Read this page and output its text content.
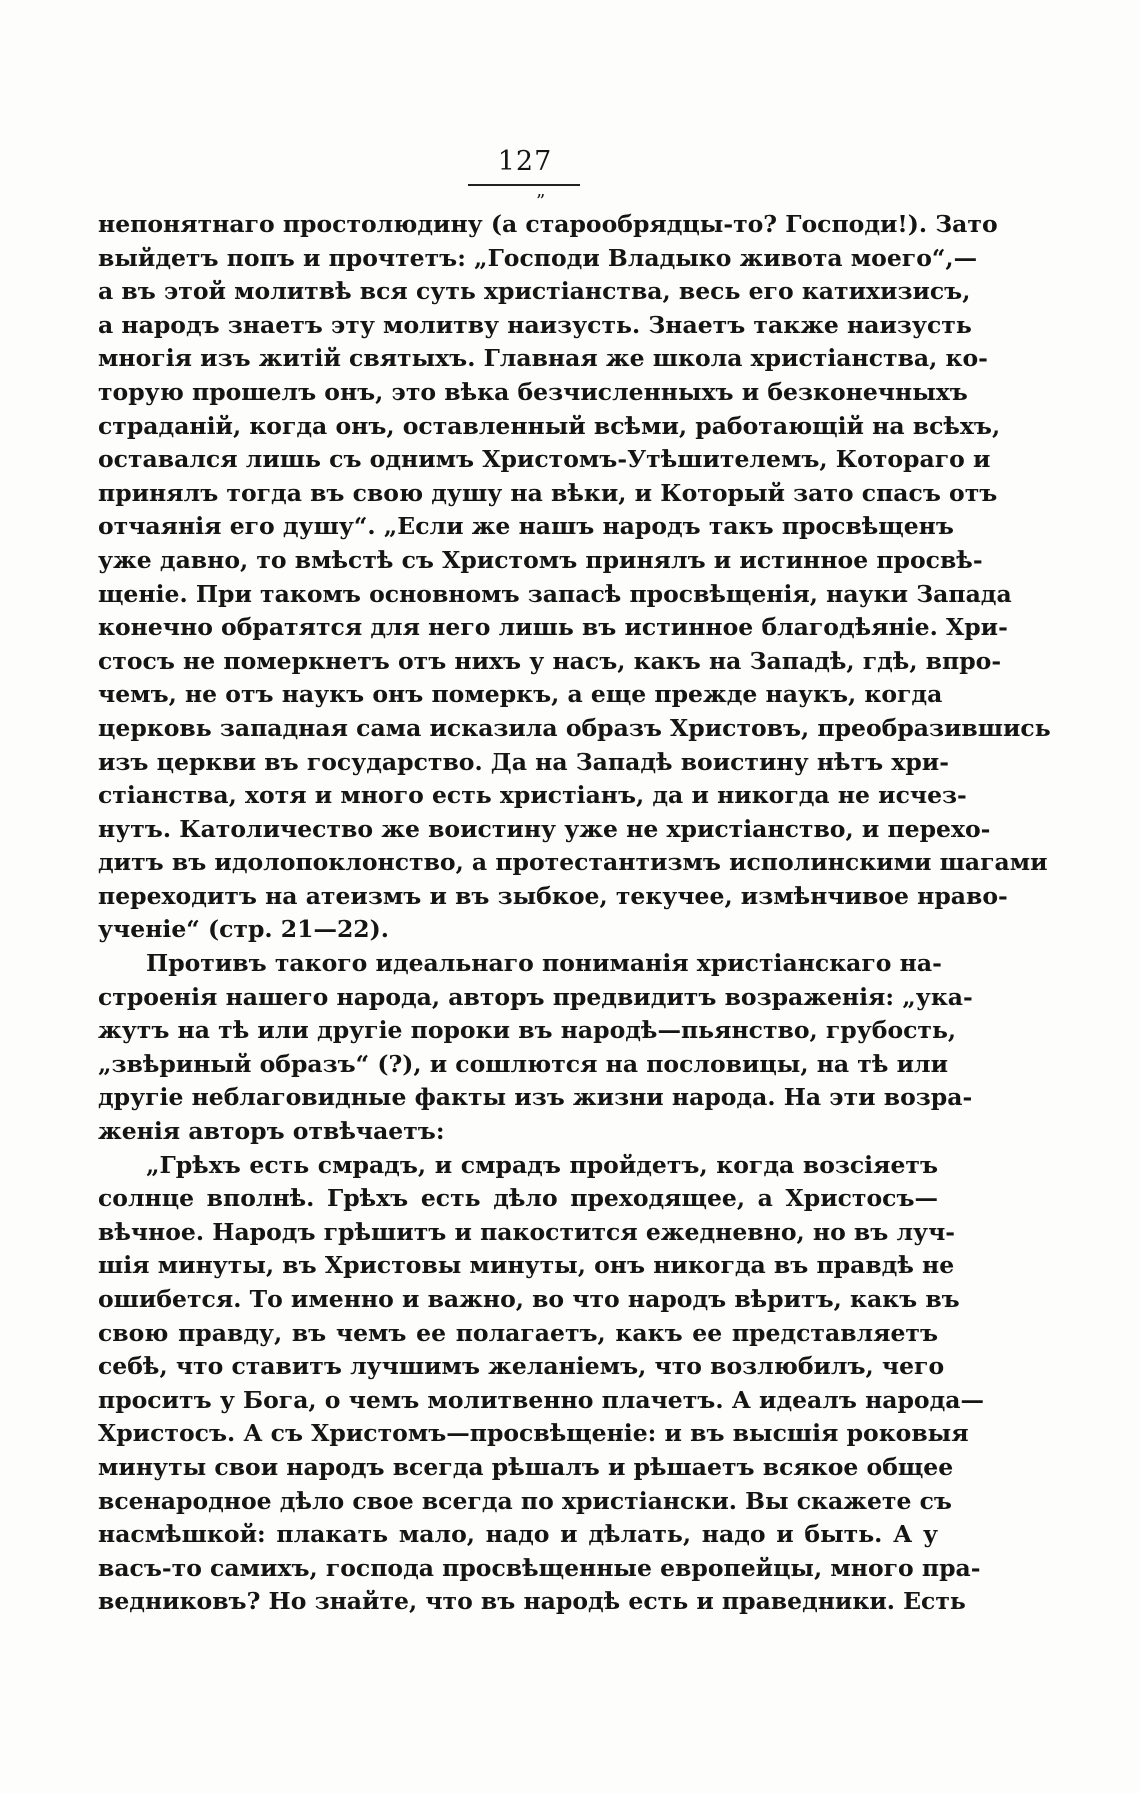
127
”
непонятнаго простолюдину (а старообрядцы-то? Господи!). Зато
выйдетъ попъ и прочтетъ: „Господи Владыко живота моего“,—
а въ этой молитвѣ вся суть христіанства, весь его катихизисъ,
а народъ знаетъ эту молитву наизусть. Знаетъ также наизусть
многія изъ житій святыхъ. Главная же школа христіанства, ко-
торую прошелъ онъ, это вѣка безчисленныхъ и безконечныхъ
страданій, когда онъ, оставленный всѣми, работающій на всѣхъ,
оставался лишь съ однимъ Христомъ-Утѣшителемъ, Котораго и
принялъ тогда въ свою душу на вѣки, и Который зато спасъ отъ
отчаянія его душу“. „Если же нашъ народъ такъ просвѣщенъ
уже давно, то вмѣстѣ съ Христомъ принялъ и истинное просвѣ-
щеніе. При такомъ основномъ запасѣ просвѣщенія, науки Запада
конечно обратятся для него лишь въ истинное благодѣяніе. Хри-
стосъ не померкнетъ отъ нихъ у насъ, какъ на Западѣ, гдѣ, впро-
чемъ, не отъ наукъ онъ померкъ, а еще прежде наукъ, когда
церковь западная сама исказила образъ Христовъ, преобразившись
изъ церкви въ государство. Да на Западѣ воистину нѣтъ хри-
стіанства, хотя и много есть христіанъ, да и никогда не исчез-
нутъ. Католичество же воистину уже не христіанство, и перехо-
дитъ въ идолопоклонство, а протестантизмъ исполинскими шагами
переходитъ на атеизмъ и въ зыбкое, текучее, измѣнчивое нраво-
ученіе“ (стр. 21—22).
Противъ такого идеальнаго пониманія христіанскаго на-
строенія нашего народа, авторъ предвидитъ возраженія: „ука-
жутъ на тѣ или другіе пороки въ народѣ—пьянство, грубость,
„звѣриный образъ“ (?), и сошлются на пословицы, на тѣ или
другіе неблаговидные факты изъ жизни народа. На эти возра-
женія авторъ отвѣчаетъ:
„Грѣхъ есть смрадъ, и смрадъ пройдетъ, когда возсіяетъ
солнце вполнѣ. Грѣхъ есть дѣло преходящее, а Христосъ—
вѣчное. Народъ грѣшитъ и пакостится ежедневно, но въ луч-
шія минуты, въ Христовы минуты, онъ никогда въ правдѣ не
ошибется. То именно и важно, во что народъ вѣритъ, какъ въ
свою правду, въ чемъ ее полагаетъ, какъ ее представляетъ
себѣ, что ставитъ лучшимъ желаніемъ, что возлюбилъ, чего
проситъ у Бога, о чемъ молитвенно плачетъ. А идеалъ народа—
Христосъ. А съ Христомъ—просвѣщеніе: и въ высшія роковыя
минуты свои народъ всегда рѣшалъ и рѣшаетъ всякое общее
всенародное дѣло свое всегда по христіански. Вы скажете съ
насмѣшкой: плакать мало, надо и дѣлать, надо и быть. А у
васъ-то самихъ, господа просвѣщенные европейцы, много пра-
ведниковъ? Но знайте, что въ народѣ есть и праведники. Есть
